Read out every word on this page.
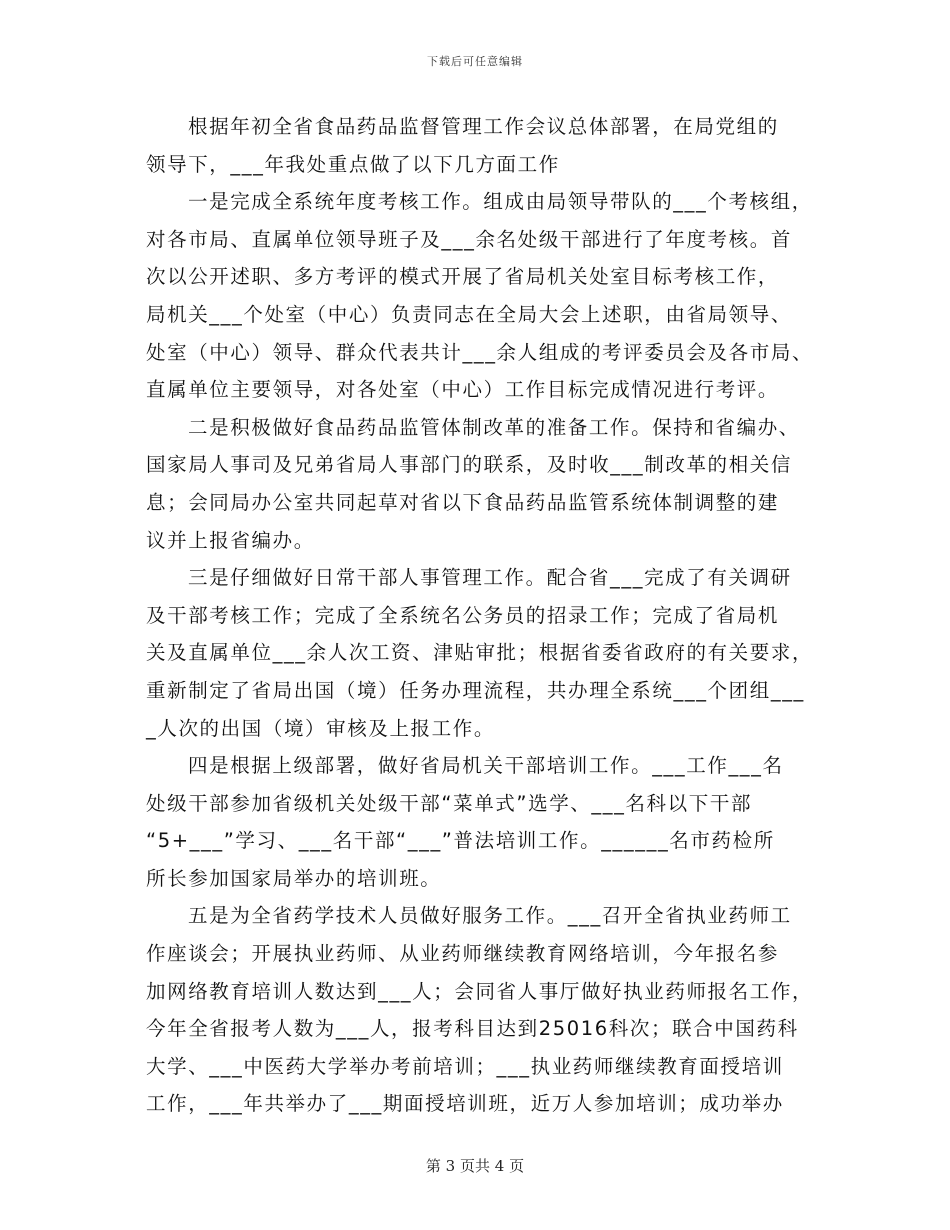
下载后可任意编辑
根据年初全省食品药品监督管理工作会议总体部署，在局党组的
领导下，___年我处重点做了以下几方面工作
一是完成全系统年度考核工作。组成由局领导带队的___个考核组，
对各市局、直属单位领导班子及___余名处级干部进行了年度考核。首
次以公开述职、多方考评的模式开展了省局机关处室目标考核工作，
局机关___个处室（中心）负责同志在全局大会上述职，由省局领导、
处室（中心）领导、群众代表共计___余人组成的考评委员会及各市局、
直属单位主要领导，对各处室（中心）工作目标完成情况进行考评。
二是积极做好食品药品监管体制改革的准备工作。保持和省编办、
国家局人事司及兄弟省局人事部门的联系，及时收___制改革的相关信
息；会同局办公室共同起草对省以下食品药品监管系统体制调整的建
议并上报省编办。
三是仔细做好日常干部人事管理工作。配合省___完成了有关调研
及干部考核工作；完成了全系统名公务员的招录工作；完成了省局机
关及直属单位___余人次工资、津贴审批；根据省委省政府的有关要求，
重新制定了省局出国（境）任务办理流程，共办理全系统___个团组___
_人次的出国（境）审核及上报工作。
四是根据上级部署，做好省局机关干部培训工作。___工作___名
处级干部参加省级机关处级干部“菜单式”选学、___名科以下干部
“5+___”学习、___名干部“___”普法培训工作。______名市药检所
所长参加国家局举办的培训班。
五是为全省药学技术人员做好服务工作。___召开全省执业药师工
作座谈会；开展执业药师、从业药师继续教育网络培训，今年报名参
加网络教育培训人数达到___人；会同省人事厅做好执业药师报名工作，
今年全省报考人数为___人，报考科目达到25016科次；联合中国药科
大学、___中医药大学举办考前培训；___执业药师继续教育面授培训
工作，___年共举办了___期面授培训班，近万人参加培训；成功举办
第 3 页共 4 页
